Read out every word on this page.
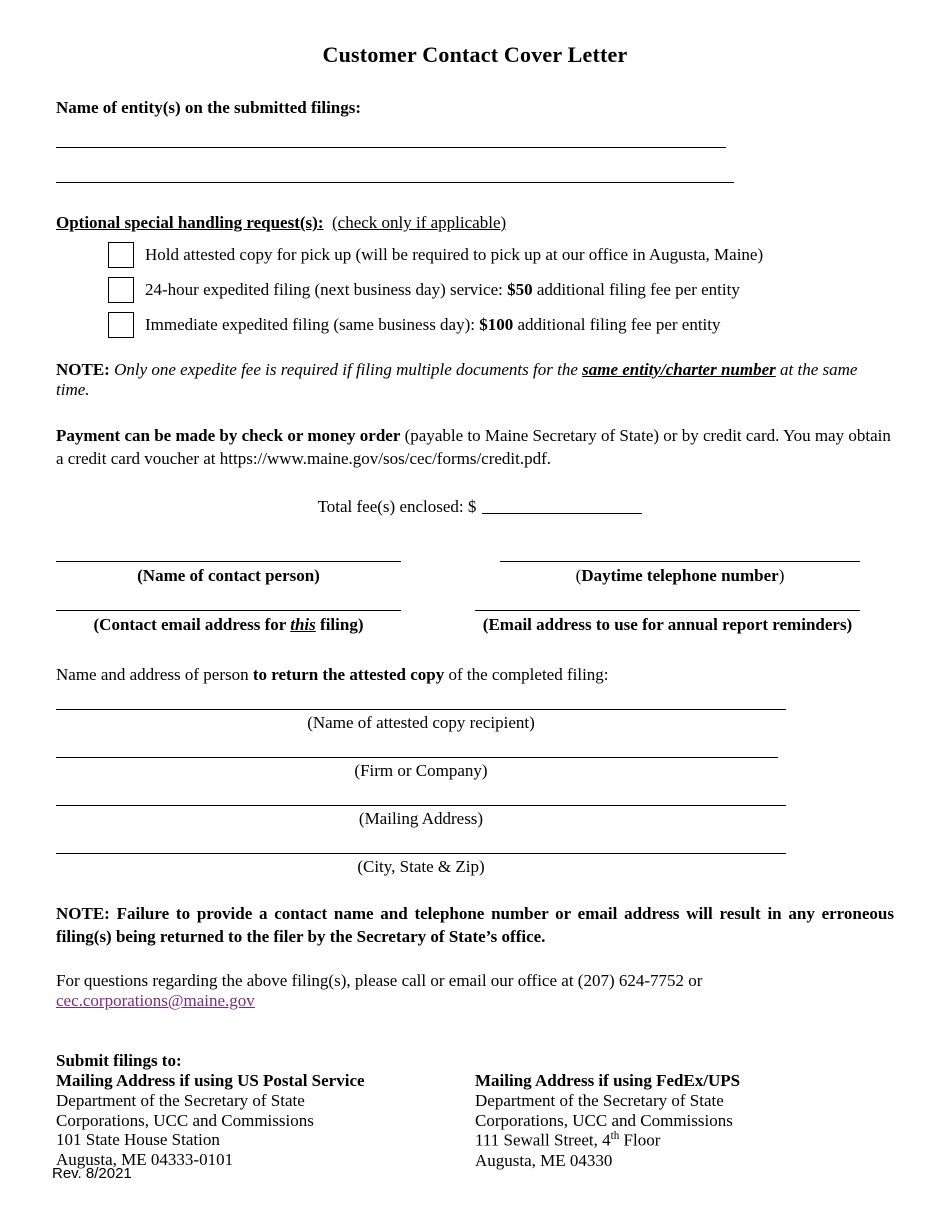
Customer Contact Cover Letter
Name of entity(s) on the submitted filings:
Optional special handling request(s): (check only if applicable)
Hold attested copy for pick up (will be required to pick up at our office in Augusta, Maine)
24-hour expedited filing (next business day) service: $50 additional filing fee per entity
Immediate expedited filing (same business day): $100 additional filing fee per entity
NOTE: Only one expedite fee is required if filing multiple documents for the same entity/charter number at the same time.
Payment can be made by check or money order (payable to Maine Secretary of State) or by credit card. You may obtain a credit card voucher at https://www.maine.gov/sos/cec/forms/credit.pdf.
Total fee(s) enclosed: $
(Name of contact person)	(Daytime telephone number)
(Contact email address for this filing)	(Email address to use for annual report reminders)
Name and address of person to return the attested copy of the completed filing:
(Name of attested copy recipient)
(Firm or Company)
(Mailing Address)
(City, State & Zip)
NOTE: Failure to provide a contact name and telephone number or email address will result in any erroneous filing(s) being returned to the filer by the Secretary of State’s office.
For questions regarding the above filing(s), please call or email our office at (207) 624-7752 or cec.corporations@maine.gov
Submit filings to:
Mailing Address if using US Postal Service
Department of the Secretary of State
Corporations, UCC and Commissions
101 State House Station
Augusta, ME 04333-0101
Mailing Address if using FedEx/UPS
Department of the Secretary of State
Corporations, UCC and Commissions
111 Sewall Street, 4th Floor
Augusta, ME 04330
Rev. 8/2021
